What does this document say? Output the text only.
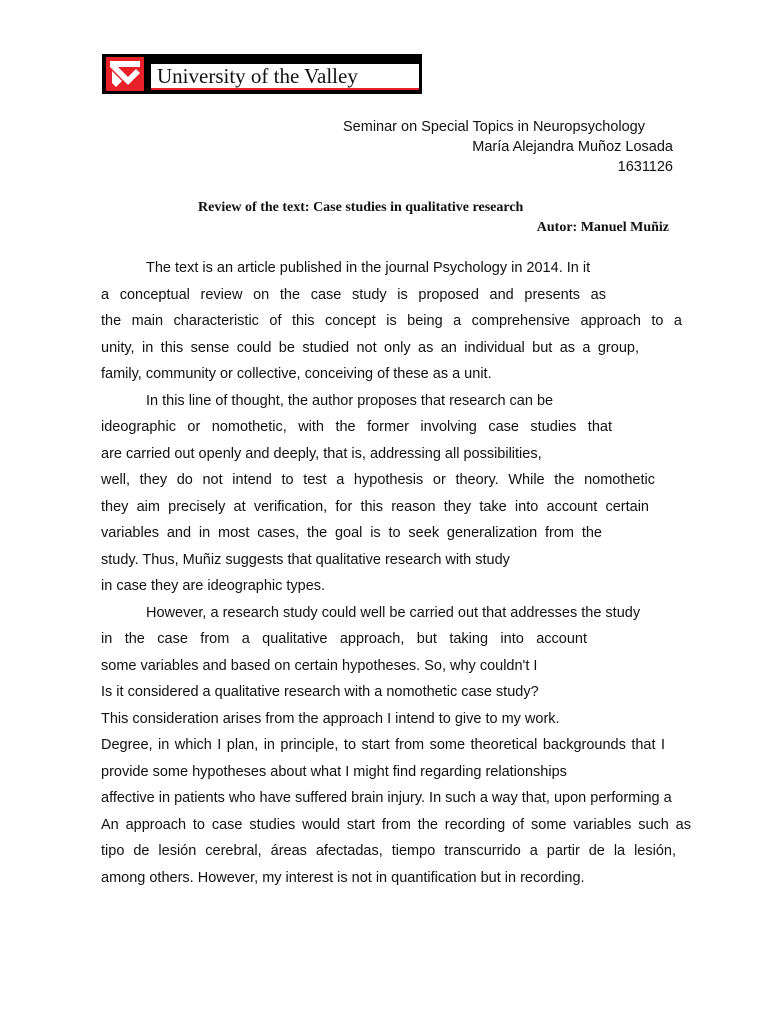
University of the Valley
Seminar on Special Topics in Neuropsychology
María Alejandra Muñoz Losada
1631126
Review of the text: Case studies in qualitative research
Autor: Manuel Muñiz
The text is an article published in the journal Psychology in 2014. In it
a conceptual review on the case study is proposed and presents as
the main characteristic of this concept is being a comprehensive approach to a
unity, in this sense could be studied not only as an individual but as a group,
family, community or collective, conceiving of these as a unit.
In this line of thought, the author proposes that research can be
ideographic or nomothetic, with the former involving case studies that
are carried out openly and deeply, that is, addressing all possibilities,
well, they do not intend to test a hypothesis or theory. While the nomothetic
they aim precisely at verification, for this reason they take into account certain
variables and in most cases, the goal is to seek generalization from the
study. Thus, Muñiz suggests that qualitative research with study
in case they are ideographic types.
However, a research study could well be carried out that addresses the study
in the case from a qualitative approach, but taking into account
some variables and based on certain hypotheses. So, why couldn't I
Is it considered a qualitative research with a nomothetic case study?
This consideration arises from the approach I intend to give to my work.
Degree, in which I plan, in principle, to start from some theoretical backgrounds that I
provide some hypotheses about what I might find regarding relationships
affective in patients who have suffered brain injury. In such a way that, upon performing a
An approach to case studies would start from the recording of some variables such as
tipo de lesión cerebral, áreas afectadas, tiempo transcurrido a partir de la lesión,
among others. However, my interest is not in quantification but in recording.
